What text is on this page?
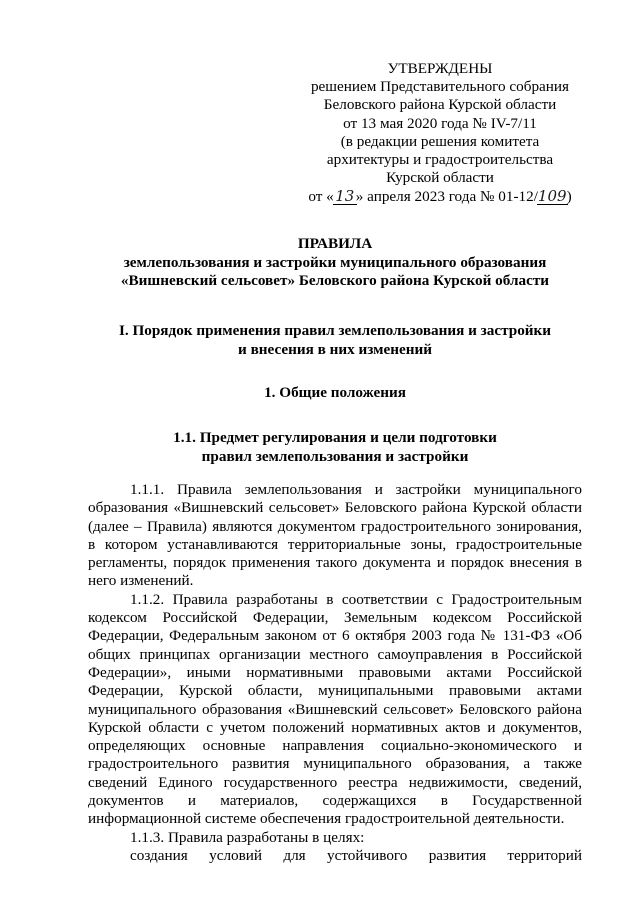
УТВЕРЖДЕНЫ
решением Представительного собрания
Беловского района Курской области
от 13 мая 2020 года № IV-7/11
(в редакции решения комитета
архитектуры и градостроительства
Курской области
от «13» апреля 2023 года № 01-12/109)
ПРАВИЛА
землепользования и застройки муниципального образования
«Вишневский сельсовет» Беловского района Курской области
I. Порядок применения правил землепользования и застройки
и внесения в них изменений
1. Общие положения
1.1. Предмет регулирования и цели подготовки
правил землепользования и застройки

1.1.1. Правила землепользования и застройки муниципального образования «Вишневский сельсовет» Беловского района Курской области (далее – Правила) являются документом градостроительного зонирования, в котором устанавливаются территориальные зоны, градостроительные регламенты, порядок применения такого документа и порядок внесения в него изменений.

1.1.2. Правила разработаны в соответствии с Градостроительным кодексом Российской Федерации, Земельным кодексом Российской Федерации, Федеральным законом от 6 октября 2003 года № 131-ФЗ «Об общих принципах организации местного самоуправления в Российской Федерации», иными нормативными правовыми актами Российской Федерации, Курской области, муниципальными правовыми актами муниципального образования «Вишневский сельсовет» Беловского района Курской области с учетом положений нормативных актов и документов, определяющих основные направления социально-экономического и градостроительного развития муниципального образования, а также сведений Единого государственного реестра недвижимости, сведений, документов и материалов, содержащихся в Государственной информационной системе обеспечения градостроительной деятельности.

1.1.3. Правила разработаны в целях:

создания условий для устойчивого развития территорий
